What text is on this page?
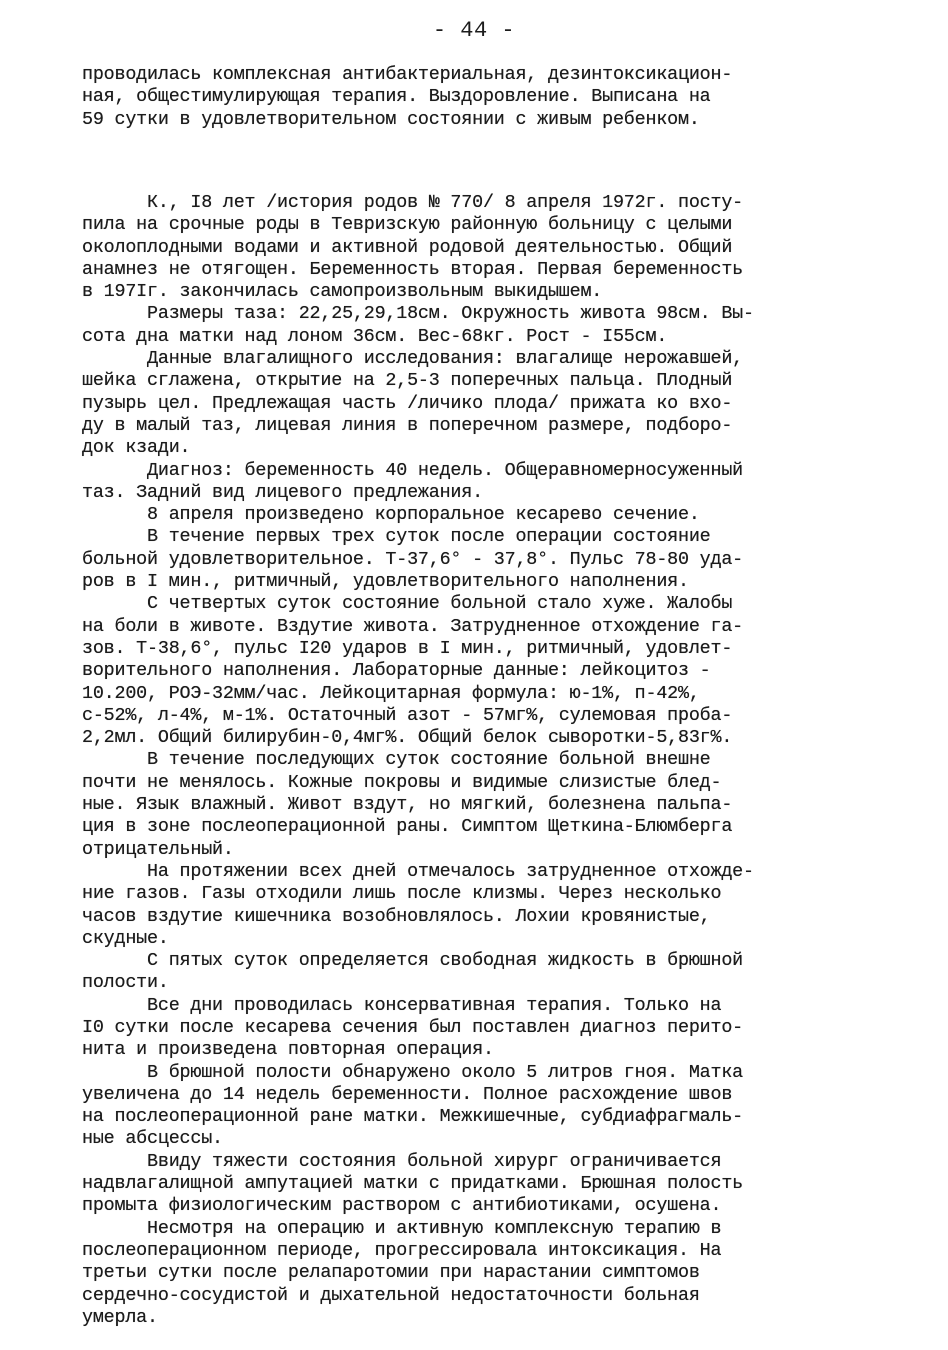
- 44 -
проводилась комплексная антибактериальная, дезинтоксикацион-
ная, общестимулирующая терапия. Выздоровление. Выписана на
59 сутки в удовлетворительном состоянии с живым ребенком.
К., I8 лет /история родов № 770/ 8 апреля 1972г. посту-
пила на срочные роды в Тевризскую районную больницу с целыми
околоплодными водами и активной родовой деятельностью. Общий
анамнез не отягощен. Беременность вторая. Первая беременность
в 197Iг. закончилась самопроизвольным выкидышем.
Размеры таза: 22,25,29,18см. Окружность живота 98см. Вы-
сота дна матки над лоном 36см. Вес-68кг. Рост - I55см.
Данные влагалищного исследования: влагалище нерожавшей,
шейка сглажена, открытие на 2,5-3 поперечных пальца. Плодный
пузырь цел. Предлежащая часть /личико плода/ прижата ко вхо-
ду в малый таз, лицевая линия в поперечном размере, подборо-
док кзади.
Диагноз: беременность 40 недель. Общеравномерносуженный
таз. Задний вид лицевого предлежания.
8 апреля произведено корпоральное кесарево сечение.
В течение первых трех суток после операции состояние
больной удовлетворительное. Т-37,6° - 37,8°. Пульс 78-80 уда-
ров в I мин., ритмичный, удовлетворительного наполнения.
С четвертых суток состояние больной стало хуже. Жалобы
на боли в животе. Вздутие живота. Затрудненное отхождение га-
зов. Т-38,6°, пульс I20 ударов в I мин., ритмичный, удовлет-
ворительного наполнения. Лабораторные данные: лейкоцитоз -
10.200, РОЭ-32мм/час. Лейкоцитарная формула: ю-1%, п-42%,
с-52%, л-4%, м-1%. Остаточный азот - 57мг%, сулемовая проба-
2,2мл. Общий билирубин-0,4мг%. Общий белок сыворотки-5,83г%.
В течение последующих суток состояние больной внешне
почти не менялось. Кожные покровы и видимые слизистые блед-
ные. Язык влажный. Живот вздут, но мягкий, болезнена пальпа-
ция в зоне послеоперационной раны. Симптом Щеткина-Блюмберга
отрицательный.
На протяжении всех дней отмечалось затрудненное отхожде-
ние газов. Газы отходили лишь после клизмы. Через несколько
часов вздутие кишечника возобновлялось. Лохии кровянистые,
скудные.
С пятых суток определяется свободная жидкость в брюшной
полости.
Все дни проводилась консервативная терапия. Только на
I0 сутки после кесарева сечения был поставлен диагноз перито-
нита и произведена повторная операция.
В брюшной полости обнаружено около 5 литров гноя. Матка
увеличена до 14 недель беременности. Полное расхождение швов
на послеоперационной ране матки. Межкишечные, субдиафрагмаль-
ные абсцессы.
Ввиду тяжести состояния больной хирург ограничивается
надвлагалищной ампутацией матки с придатками. Брюшная полость
промыта физиологическим раствором с антибиотиками, осушена.
Несмотря на операцию и активную комплексную терапию в
послеоперационном периоде, прогрессировала интоксикация. На
третьи сутки после релапаротомии при нарастании симптомов
сердечно-сосудистой и дыхательной недостаточности больная
умерла.
